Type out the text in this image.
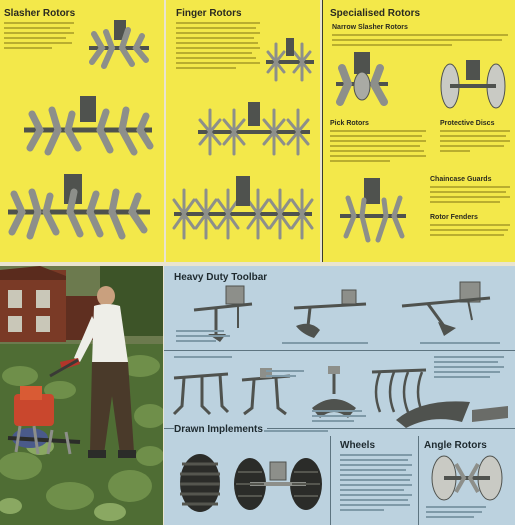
Slasher Rotors	Finger Rotors	Specialised Rotors
Narrow Slasher Rotors
Pick Rotors	Protective Discs
Chaincase Guards
Rotor Fenders
Heavy Duty Toolbar
Drawn Implements
Wheels	Angle Rotors
